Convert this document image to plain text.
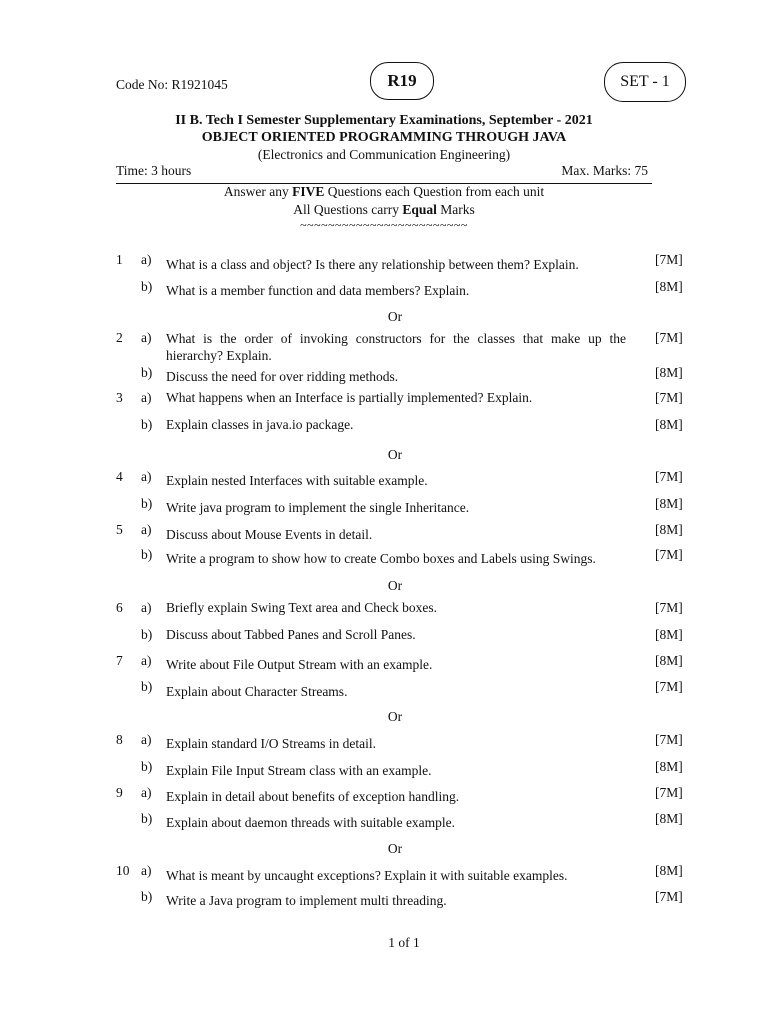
Code No: R1921045	R19	SET - 1
II B. Tech I Semester Supplementary Examinations, September - 2021
OBJECT ORIENTED PROGRAMMING THROUGH JAVA
(Electronics and Communication Engineering)
Time: 3 hours	Max. Marks: 75
Answer any FIVE Questions each Question from each unit
All Questions carry Equal Marks
~~~~~~~~~~~~~~~~~~~~~~~~
1 a) What is a class and object? Is there any relationship between them? Explain.	[7M]
b) What is a member function and data members? Explain.	[8M]
Or
2 a) What is the order of invoking constructors for the classes that make up the hierarchy? Explain.
[7M]
b) Discuss the need for over ridding methods.	[8M]
3 a) What happens when an Interface is partially implemented? Explain.	[7M]
b) Explain classes in java.io package.	[8M]
Or
4 a) Explain nested Interfaces with suitable example.	[7M]
b) Write java program to implement the single Inheritance.	[8M]
5 a) Discuss about Mouse Events in detail.	[8M]
b) Write a program to show how to create Combo boxes and Labels using Swings.	[7M]
Or
6 a) Briefly explain Swing Text area and Check boxes.	[7M]
b) Discuss about Tabbed Panes and Scroll Panes.	[8M]
7 a) Write about File Output Stream with an example.	[8M]
b) Explain about Character Streams.	[7M]
Or
8 a) Explain standard I/O Streams in detail.	[7M]
b) Explain File Input Stream class with an example.	[8M]
9 a) Explain in detail about benefits of exception handling.	[7M]
b) Explain about daemon threads with suitable example.	[8M]
Or
10 a) What is meant by uncaught exceptions? Explain it with suitable examples.	[8M]
b) Write a Java program to implement multi threading.	[7M]
1 of 1
